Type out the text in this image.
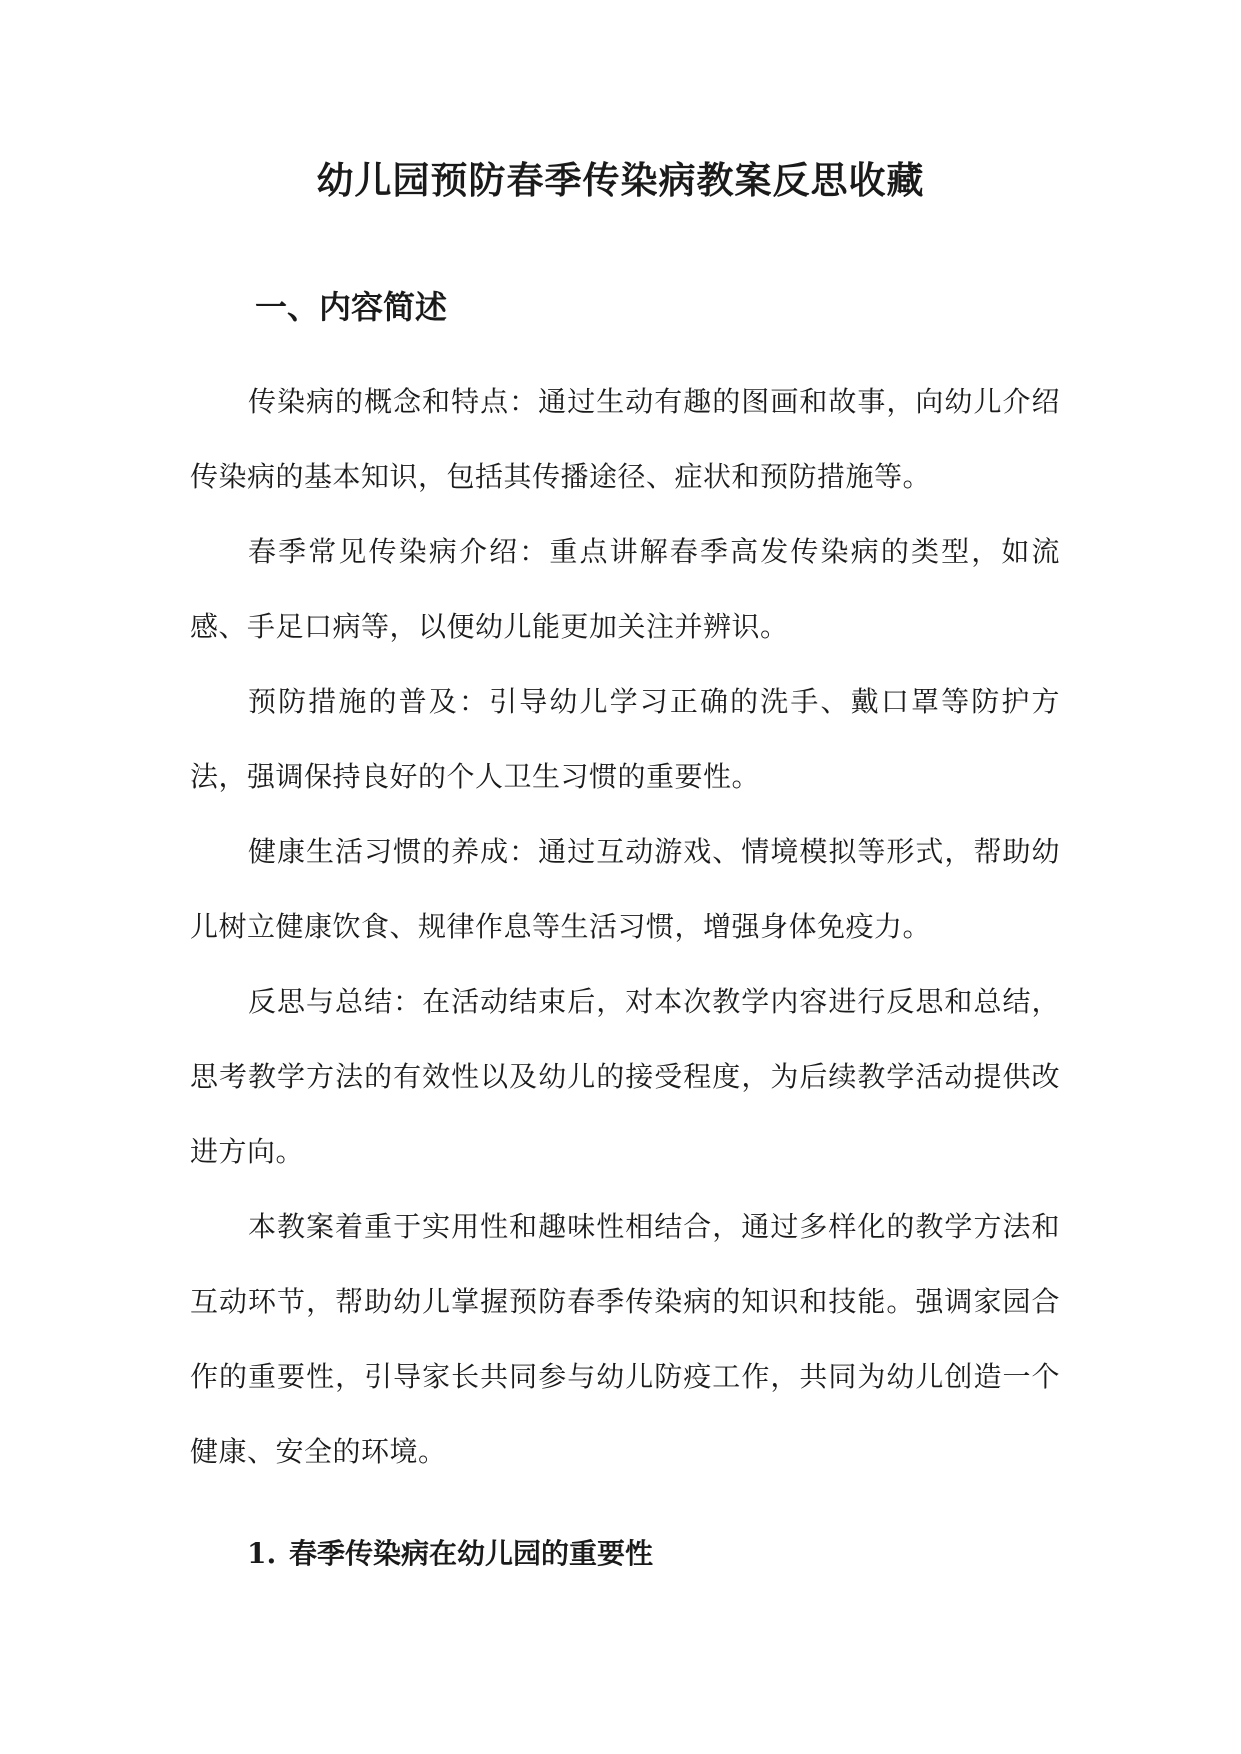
幼儿园预防春季传染病教案反思收藏
一、内容简述

传染病的概念和特点：通过生动有趣的图画和故事，向幼儿介绍传染病的基本知识，包括其传播途径、症状和预防措施等。

春季常见传染病介绍：重点讲解春季高发传染病的类型，如流感、手足口病等，以便幼儿能更加关注并辨识。

预防措施的普及：引导幼儿学习正确的洗手、戴口罩等防护方法，强调保持良好的个人卫生习惯的重要性。

健康生活习惯的养成：通过互动游戏、情境模拟等形式，帮助幼儿树立健康饮食、规律作息等生活习惯，增强身体免疫力。

反思与总结：在活动结束后，对本次教学内容进行反思和总结，思考教学方法的有效性以及幼儿的接受程度，为后续教学活动提供改进方向。

本教案着重于实用性和趣味性相结合，通过多样化的教学方法和互动环节，帮助幼儿掌握预防春季传染病的知识和技能。强调家园合作的重要性，引导家长共同参与幼儿防疫工作，共同为幼儿创造一个健康、安全的环境。

1. 春季传染病在幼儿园的重要性
